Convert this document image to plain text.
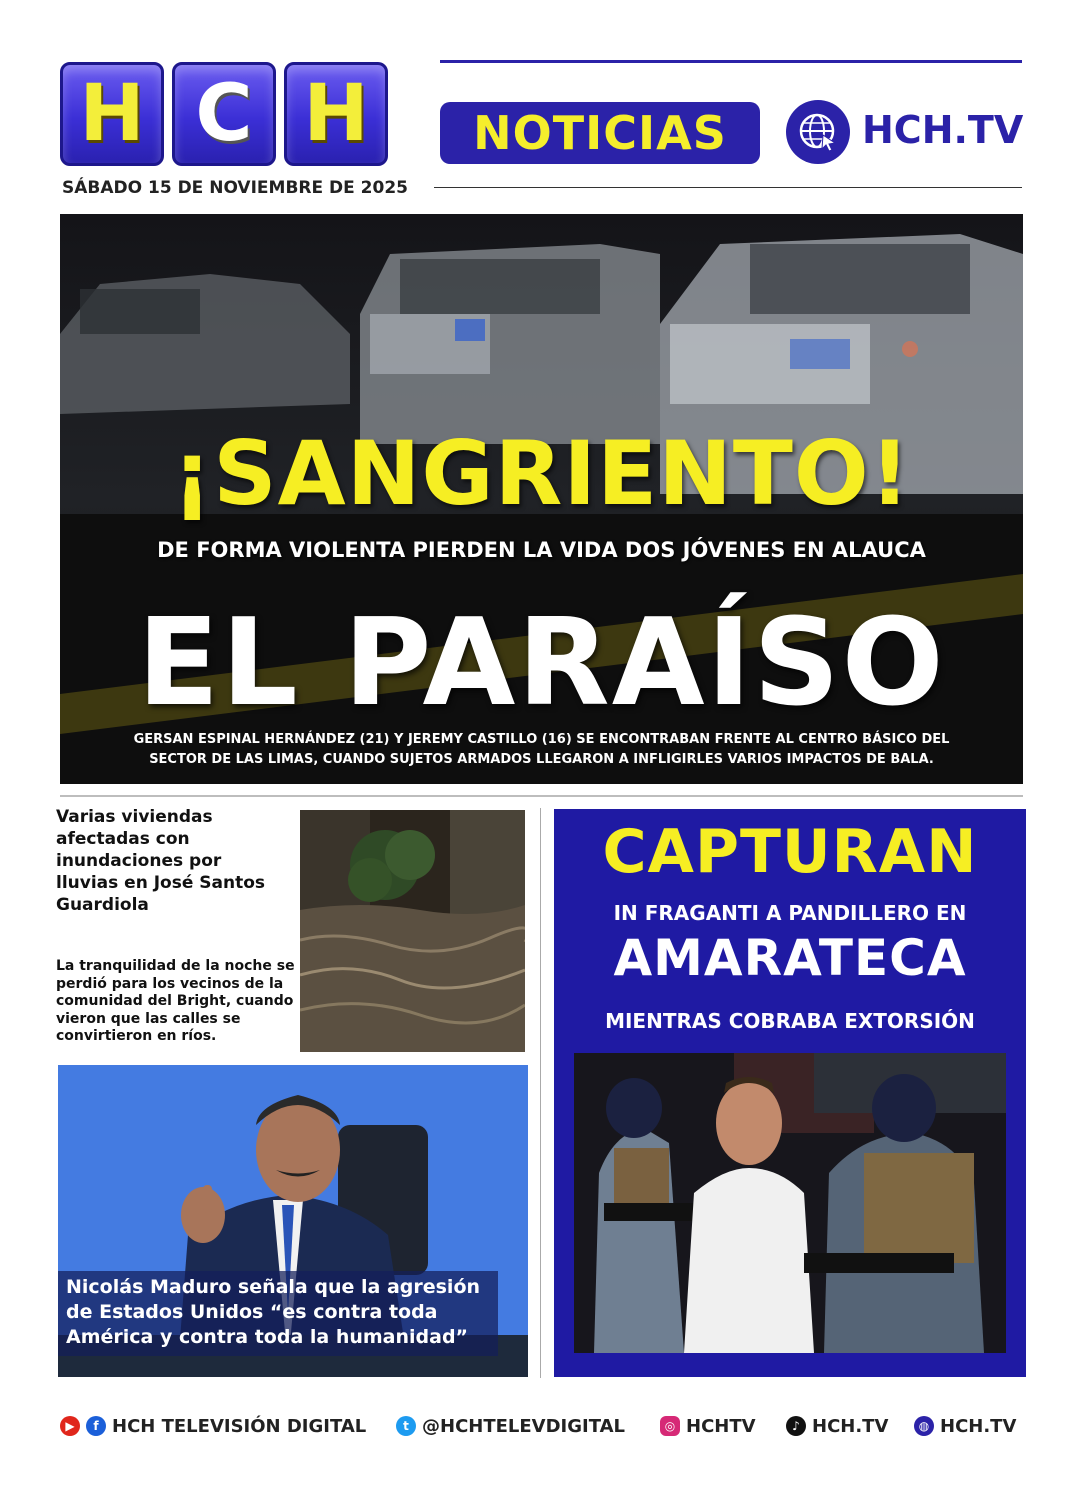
H C H	NOTICIAS	HCH.TV
SÁBADO 15 DE NOVIEMBRE DE 2025
¡SANGRIENTO!
DE FORMA VIOLENTA PIERDEN LA VIDA DOS JÓVENES EN ALAUCA
EL PARAÍSO
GERSAN ESPINAL HERNÁNDEZ (21) Y JEREMY CASTILLO (16) SE ENCONTRABAN FRENTE AL CENTRO BÁSICO DEL
SECTOR DE LAS LIMAS, CUANDO SUJETOS ARMADOS LLEGARON A INFLIGIRLES VARIOS IMPACTOS DE BALA.
Varias viviendas afectadas con inundaciones por lluvias en José Santos Guardiola
La tranquilidad de la noche se perdió para los vecinos de la comunidad del Bright, cuando vieron que las calles se convirtieron en ríos.
Nicolás Maduro señala que la agresión de Estados Unidos “es contra toda América y contra toda la humanidad”
CAPTURAN
IN FRAGANTI A PANDILLERO EN
AMARATECA
MIENTRAS COBRABA EXTORSIÓN
▶	f HCH TELEVISIÓN DIGITAL	t @HCHTELEVDIGITAL	◎ HCHTV	♪ HCH.TV	◍ HCH.TV
